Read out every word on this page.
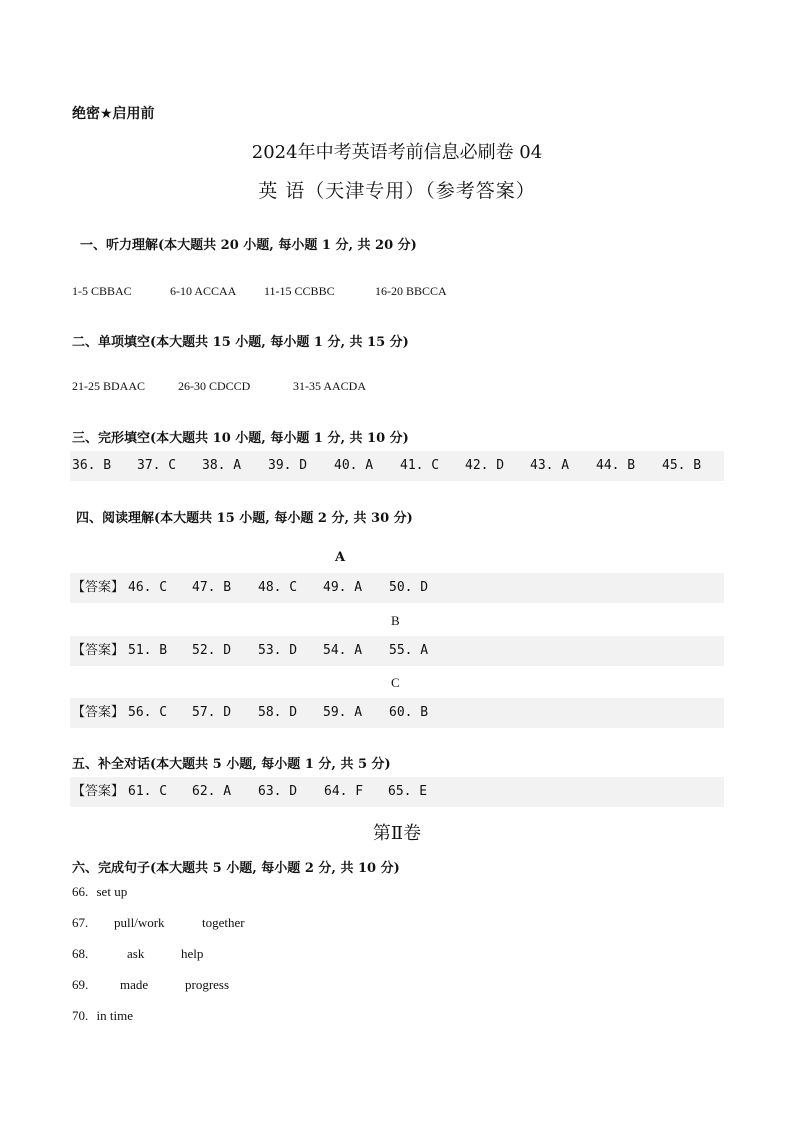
绝密★启用前
2024年中考英语考前信息必刷卷 04
英 语（天津专用）（参考答案）
一、听力理解(本大题共 20 小题, 每小题 1 分, 共 20 分)
1-5 CBBAC	6-10 ACCAA 11-15 CCBBC	16-20 BBCCA
二、单项填空(本大题共 15 小题, 每小题 1 分, 共 15 分)
21-25 BDAAC	26-30 CDCCD	31-35 AACDA
三、完形填空(本大题共 10 小题, 每小题 1 分, 共 10 分)
36. B 37. C 38. A 39. D 40. A 41. C 42. D 43. A 44. B 45. B
四、阅读理解(本大题共 15 小题, 每小题 2 分, 共 30 分)
A
【答案】 46. C 47. B 48. C 49. A 50. D
B
【答案】 51. B 52. D 53. D 54. A 55. A
C
【答案】 56. C 57. D 58. D 59. A 60. B
五、补全对话(本大题共 5 小题, 每小题 1 分, 共 5 分)
【答案】 61. C 62. A 63. D 64. F 65. E
第Ⅱ卷
六、完成句子(本大题共 5 小题, 每小题 2 分, 共 10 分)
66. set up
67. pull/work	together
68.	ask	help
69. made	progress
70. in time
